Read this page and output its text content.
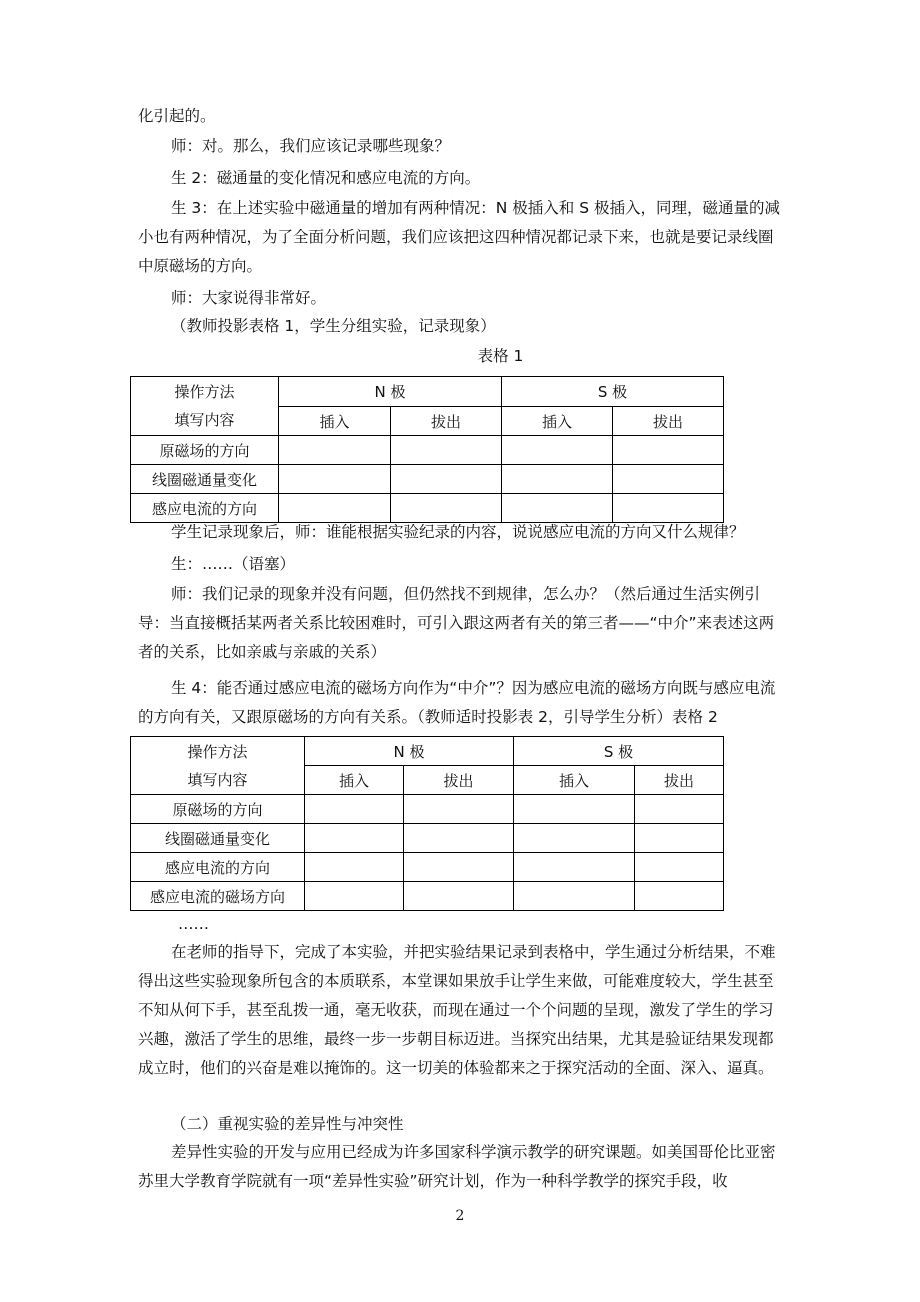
化引起的。

师：对。那么，我们应该记录哪些现象？

生 2：磁通量的变化情况和感应电流的方向。

生 3：在上述实验中磁通量的增加有两种情况：N 极插入和 S 极插入，同理，磁通量的减小也有两种情况，为了全面分析问题，我们应该把这四种情况都记录下来，也就是要记录线圈中原磁场的方向。

师：大家说得非常好。

（教师投影表格 1，学生分组实验，记录现象）

表格 1

操作方法
填写内容	N 极		S 极	
	插入	拔出	插入	拔出
原磁场的方向				
线圈磁通量变化				
感应电流的方向				

学生记录现象后，师：谁能根据实验纪录的内容，说说感应电流的方向又什么规律？

生：……（语塞）

师：我们记录的现象并没有问题，但仍然找不到规律，怎么办？（然后通过生活实例引导：当直接概括某两者关系比较困难时，可引入跟这两者有关的第三者——“中介”来表述这两者的关系，比如亲戚与亲戚的关系）

生 4：能否通过感应电流的磁场方向作为“中介”？因为感应电流的磁场方向既与感应电流的方向有关，又跟原磁场的方向有关系。（教师适时投影表 2，引导学生分析）表格 2

操作方法
填写内容	N 极		S 极	
	插入	拔出	插入	拔出
原磁场的方向				
线圈磁通量变化				
感应电流的方向				
感应电流的磁场方向				

……

在老师的指导下，完成了本实验，并把实验结果记录到表格中，学生通过分析结果，不难得出这些实验现象所包含的本质联系，本堂课如果放手让学生来做，可能难度较大，学生甚至不知从何下手，甚至乱拨一通，毫无收获，而现在通过一个个问题的呈现，激发了学生的学习兴趣，激活了学生的思维，最终一步一步朝目标迈进。当探究出结果，尤其是验证结果发现都成立时，他们的兴奋是难以掩饰的。这一切美的体验都来之于探究活动的全面、深入、逼真。

（二）重视实验的差异性与冲突性

差异性实验的开发与应用已经成为许多国家科学演示教学的研究课题。如美国哥伦比亚密苏里大学教育学院就有一项“差异性实验”研究计划，作为一种科学教学的探究手段，收

2
